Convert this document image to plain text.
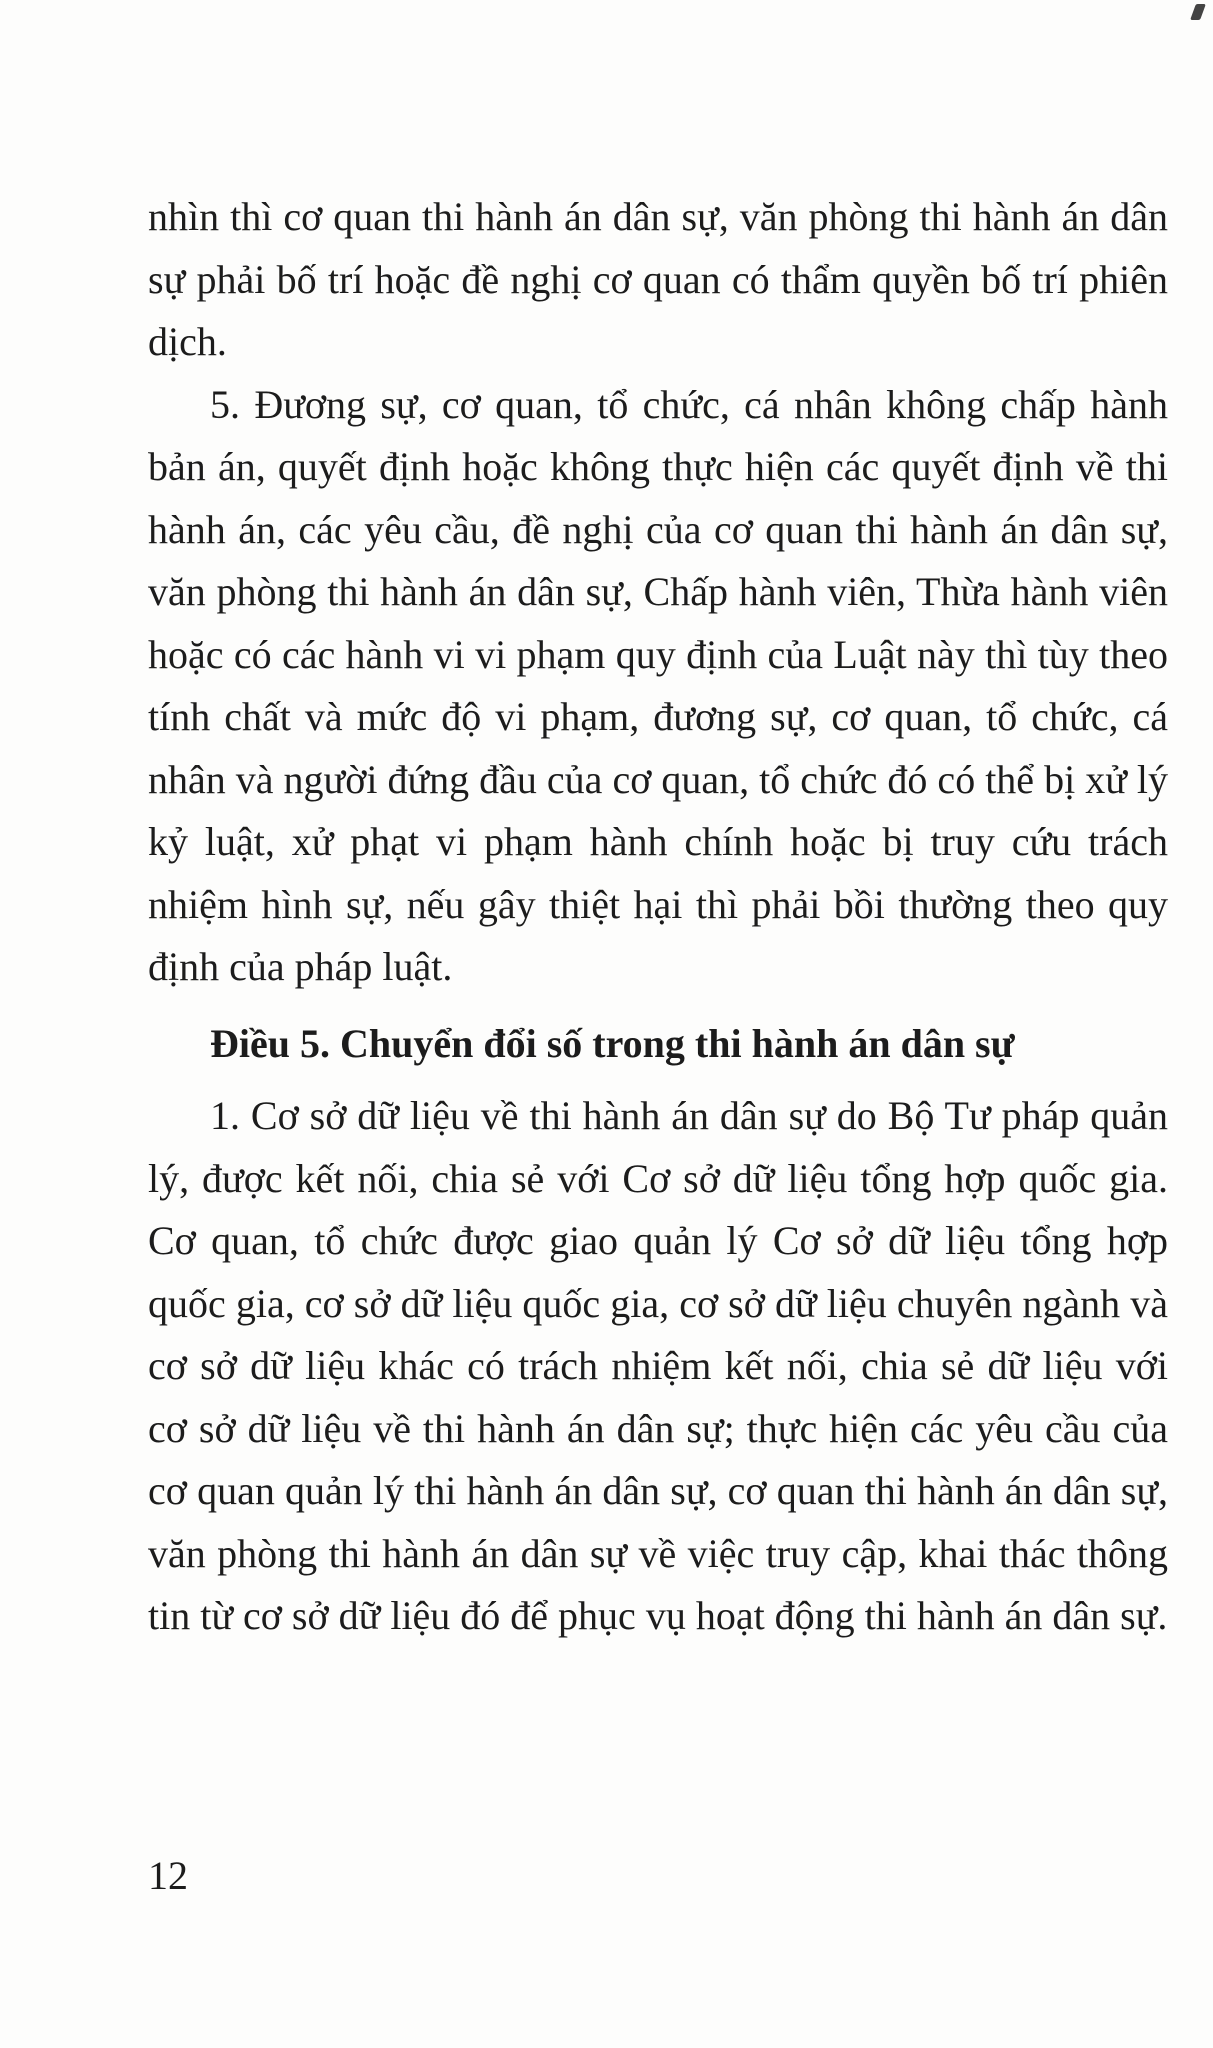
nhìn thì cơ quan thi hành án dân sự, văn phòng thi hành án dân sự phải bố trí hoặc đề nghị cơ quan có thẩm quyền bố trí phiên dịch.

5. Đương sự, cơ quan, tổ chức, cá nhân không chấp hành bản án, quyết định hoặc không thực hiện các quyết định về thi hành án, các yêu cầu, đề nghị của cơ quan thi hành án dân sự, văn phòng thi hành án dân sự, Chấp hành viên, Thừa hành viên hoặc có các hành vi vi phạm quy định của Luật này thì tùy theo tính chất và mức độ vi phạm, đương sự, cơ quan, tổ chức, cá nhân và người đứng đầu của cơ quan, tổ chức đó có thể bị xử lý kỷ luật, xử phạt vi phạm hành chính hoặc bị truy cứu trách nhiệm hình sự, nếu gây thiệt hại thì phải bồi thường theo quy định của pháp luật.

Điều 5. Chuyển đổi số trong thi hành án dân sự

1. Cơ sở dữ liệu về thi hành án dân sự do Bộ Tư pháp quản lý, được kết nối, chia sẻ với Cơ sở dữ liệu tổng hợp quốc gia. Cơ quan, tổ chức được giao quản lý Cơ sở dữ liệu tổng hợp quốc gia, cơ sở dữ liệu quốc gia, cơ sở dữ liệu chuyên ngành và cơ sở dữ liệu khác có trách nhiệm kết nối, chia sẻ dữ liệu với cơ sở dữ liệu về thi hành án dân sự; thực hiện các yêu cầu của cơ quan quản lý thi hành án dân sự, cơ quan thi hành án dân sự, văn phòng thi hành án dân sự về việc truy cập, khai thác thông tin từ cơ sở dữ liệu đó để phục vụ hoạt động thi hành án dân sự.

12
